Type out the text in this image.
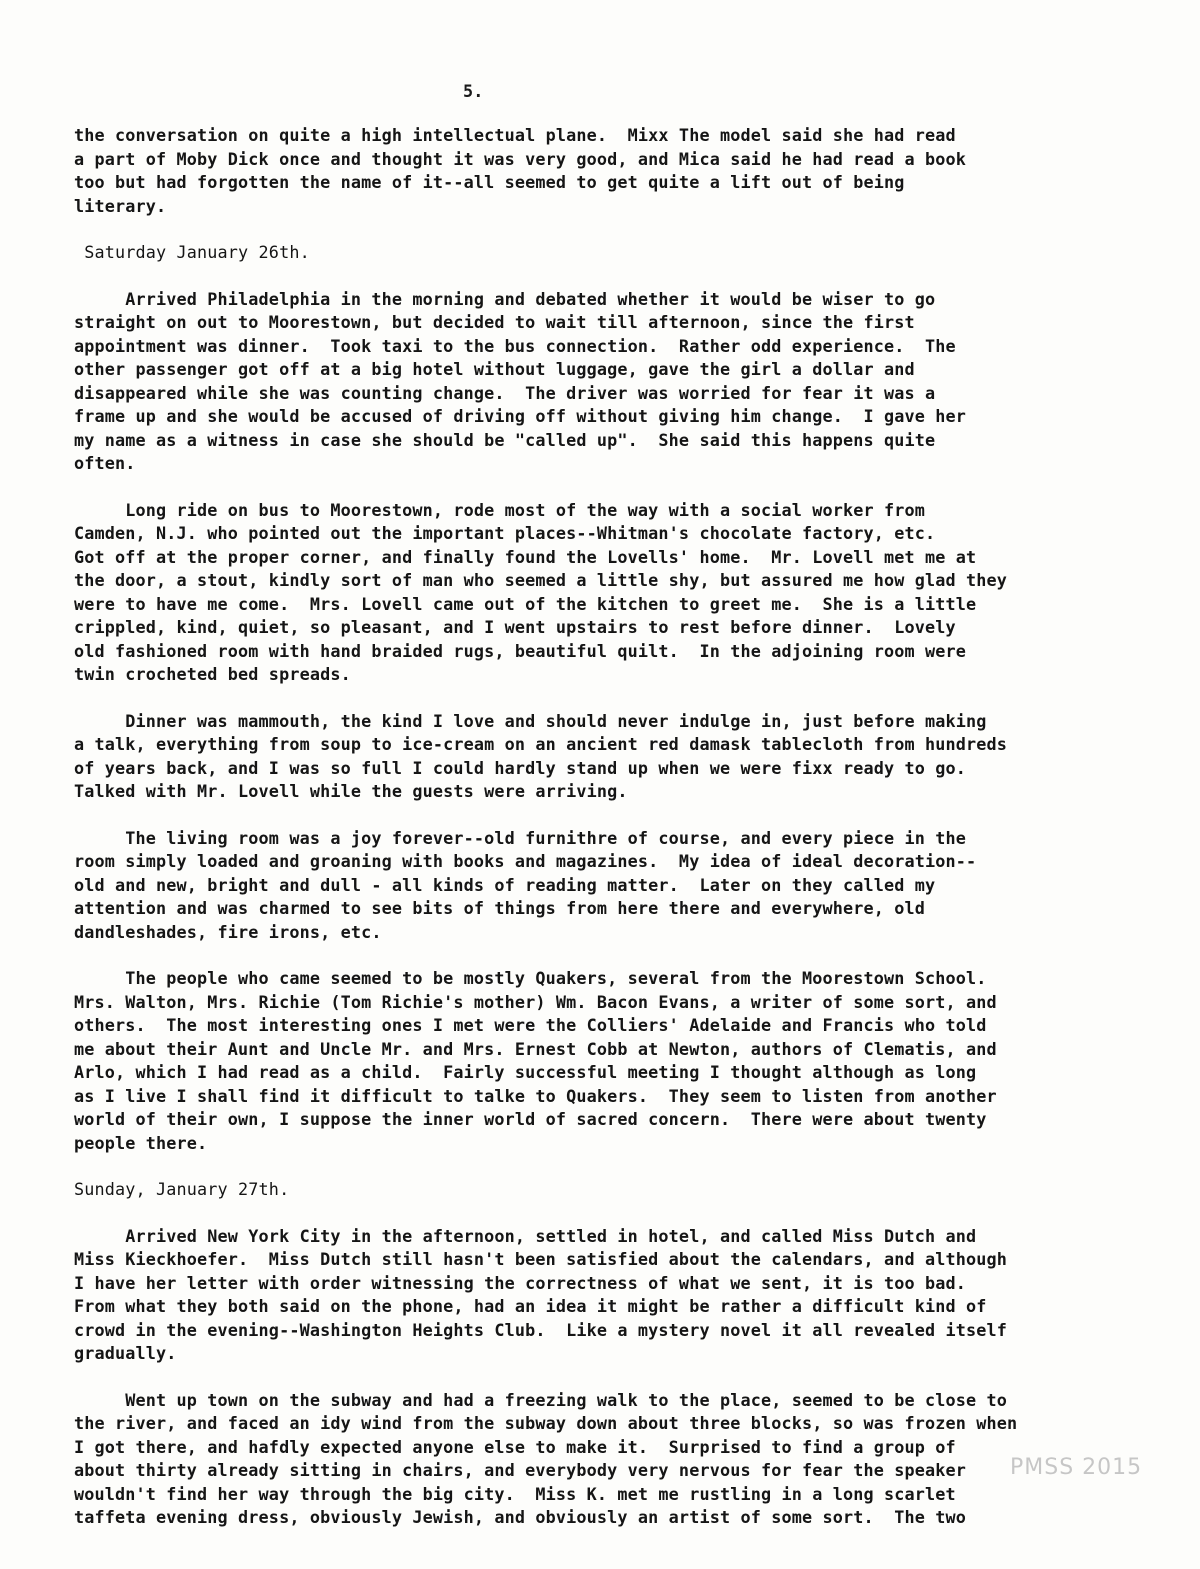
5.
the conversation on quite a high intellectual plane.  Mixx The model said she had read
a part of Moby Dick once and thought it was very good, and Mica said he had read a book
too but had forgotten the name of it--all seemed to get quite a lift out of being
literary.
Saturday January 26th.
Arrived Philadelphia in the morning and debated whether it would be wiser to go
straight on out to Moorestown, but decided to wait till afternoon, since the first
appointment was dinner.  Took taxi to the bus connection.  Rather odd experience.  The
other passenger got off at a big hotel without luggage, gave the girl a dollar and
disappeared while she was counting change.  The driver was worried for fear it was a
frame up and she would be accused of driving off without giving him change.  I gave her
my name as a witness in case she should be "called up".  She said this happens quite
often.
Long ride on bus to Moorestown, rode most of the way with a social worker from
Camden, N.J. who pointed out the important places--Whitman's chocolate factory, etc.
Got off at the proper corner, and finally found the Lovells' home.  Mr. Lovell met me at
the door, a stout, kindly sort of man who seemed a little shy, but assured me how glad they
were to have me come.  Mrs. Lovell came out of the kitchen to greet me.  She is a little
crippled, kind, quiet, so pleasant, and I went upstairs to rest before dinner.  Lovely
old fashioned room with hand braided rugs, beautiful quilt.  In the adjoining room were
twin crocheted bed spreads.
Dinner was mammouth, the kind I love and should never indulge in, just before making
a talk, everything from soup to ice-cream on an ancient red damask tablecloth from hundreds
of years back, and I was so full I could hardly stand up when we were fixx ready to go.
Talked with Mr. Lovell while the guests were arriving.
The living room was a joy forever--old furnithre of course, and every piece in the
room simply loaded and groaning with books and magazines.  My idea of ideal decoration--
old and new, bright and dull - all kinds of reading matter.  Later on they called my
attention and was charmed to see bits of things from here there and everywhere, old
dandleshades, fire irons, etc.
The people who came seemed to be mostly Quakers, several from the Moorestown School.
Mrs. Walton, Mrs. Richie (Tom Richie's mother) Wm. Bacon Evans, a writer of some sort, and
others.  The most interesting ones I met were the Colliers' Adelaide and Francis who told
me about their Aunt and Uncle Mr. and Mrs. Ernest Cobb at Newton, authors of Clematis, and
Arlo, which I had read as a child.  Fairly successful meeting I thought although as long
as I live I shall find it difficult to talke to Quakers.  They seem to listen from another
world of their own, I suppose the inner world of sacred concern.  There were about twenty
people there.
Sunday, January 27th.
Arrived New York City in the afternoon, settled in hotel, and called Miss Dutch and
Miss Kieckhoefer.  Miss Dutch still hasn't been satisfied about the calendars, and although
I have her letter with order witnessing the correctness of what we sent, it is too bad.
From what they both said on the phone, had an idea it might be rather a difficult kind of
crowd in the evening--Washington Heights Club.  Like a mystery novel it all revealed itself
gradually.
Went up town on the subway and had a freezing walk to the place, seemed to be close to
the river, and faced an idy wind from the subway down about three blocks, so was frozen when
I got there, and hafdly expected anyone else to make it.  Surprised to find a group of
about thirty already sitting in chairs, and everybody very nervous for fear the speaker
wouldn't find her way through the big city.  Miss K. met me rustling in a long scarlet
taffeta evening dress, obviously Jewish, and obviously an artist of some sort.  The two
PMSS 2015
